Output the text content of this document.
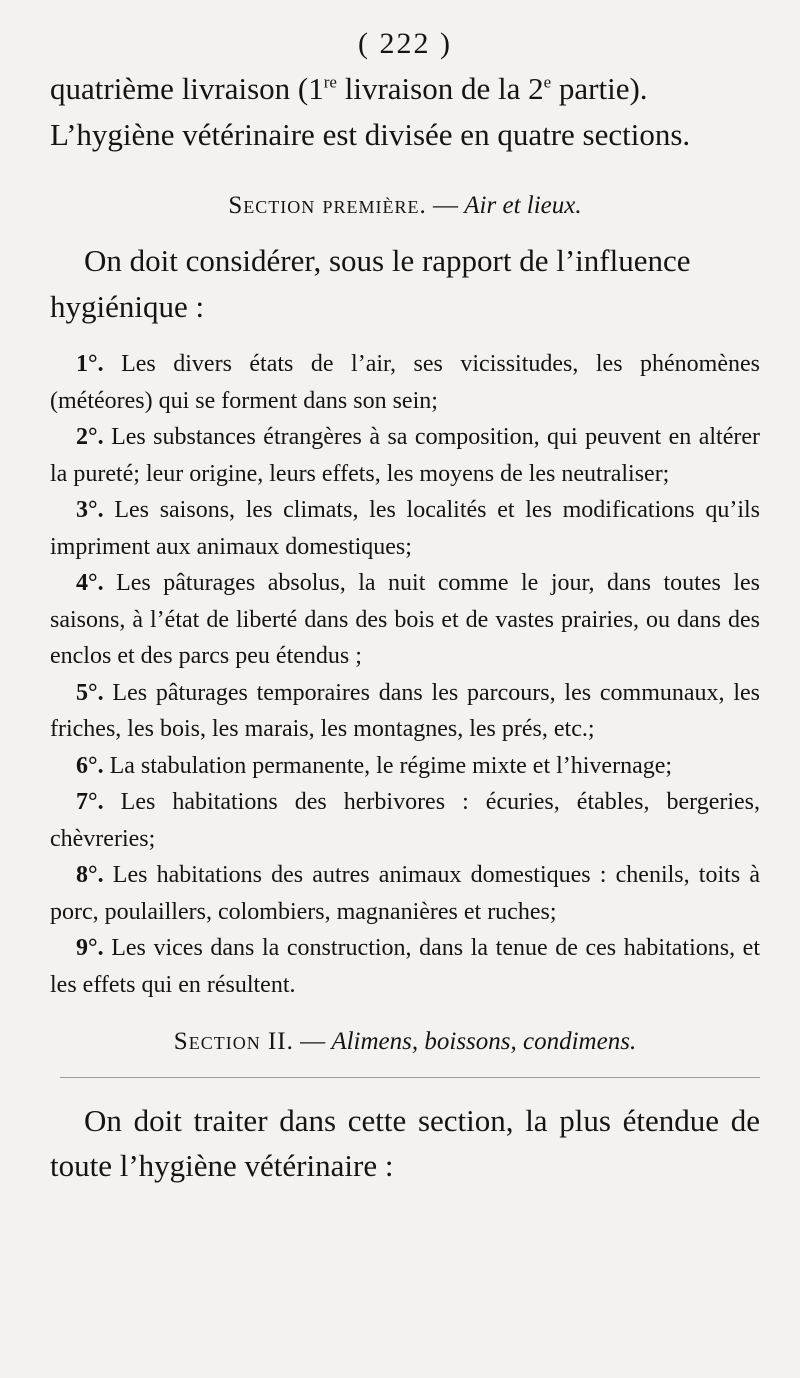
( 222 )
quatrième livraison (1re livraison de la 2e partie).
L’hygiène vétérinaire est divisée en quatre sections.
Section première. — Air et lieux.
On doit considérer, sous le rapport de l’influence hygiénique :
1°. Les divers états de l’air, ses vicissitudes, les phénomènes (météores) qui se forment dans son sein;
2°. Les substances étrangères à sa composition, qui peuvent en altérer la pureté; leur origine, leurs effets, les moyens de les neutraliser;
3°. Les saisons, les climats, les localités et les modifications qu’ils impriment aux animaux domestiques;
4°. Les pâturages absolus, la nuit comme le jour, dans toutes les saisons, à l’état de liberté dans des bois et de vastes prairies, ou dans des enclos et des parcs peu étendus ;
5°. Les pâturages temporaires dans les parcours, les communaux, les friches, les bois, les marais, les montagnes, les prés, etc.;
6°. La stabulation permanente, le régime mixte et l’hivernage;
7°. Les habitations des herbivores : écuries, étables, bergeries, chèvreries;
8°. Les habitations des autres animaux domestiques : chenils, toits à porc, poulaillers, colombiers, magnanières et ruches;
9°. Les vices dans la construction, dans la tenue de ces habitations, et les effets qui en résultent.
Section II. — Alimens, boissons, condimens.
On doit traiter dans cette section, la plus étendue de toute l’hygiène vétérinaire :
